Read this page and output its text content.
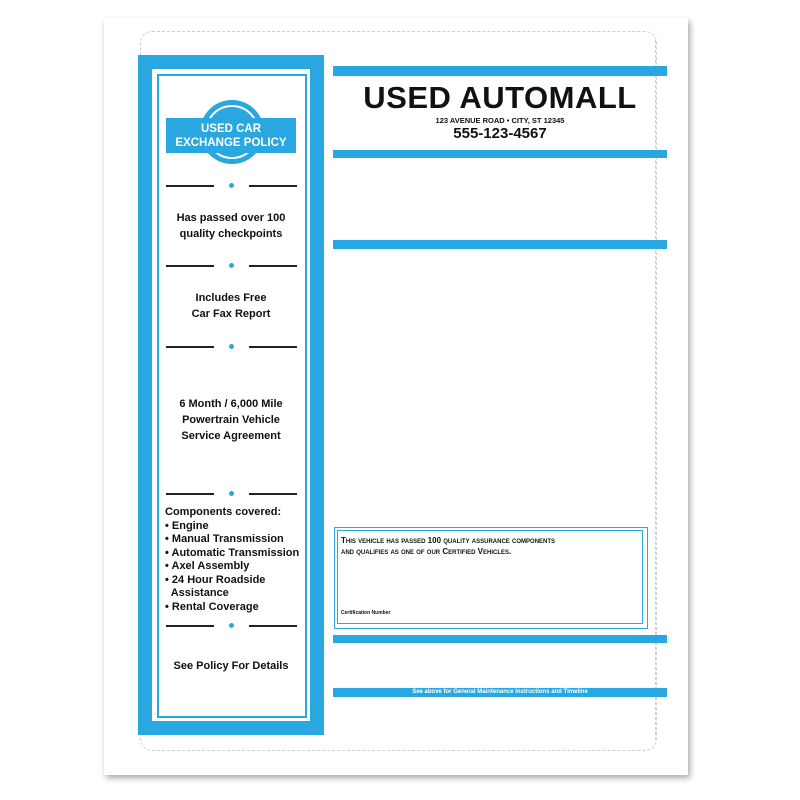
USED CAR
EXCHANGE POLICY
Has passed over 100
quality checkpoints
Includes Free
Car Fax Report
6 Month / 6,000 Mile
Powertrain Vehicle
Service Agreement
Components covered:
• Engine
• Manual Transmission
• Automatic Transmission
• Axel Assembly
• 24 Hour Roadside
Assistance
• Rental Coverage
See Policy For Details
USED AUTOMALL
123 AVENUE ROAD • CITY, ST 12345
555-123-4567
This vehicle has passed 100 quality assurance components
and qualifies as one of our Certified Vehicles.
Certification Number
See above for General Maintenance Instructions and Timeline
